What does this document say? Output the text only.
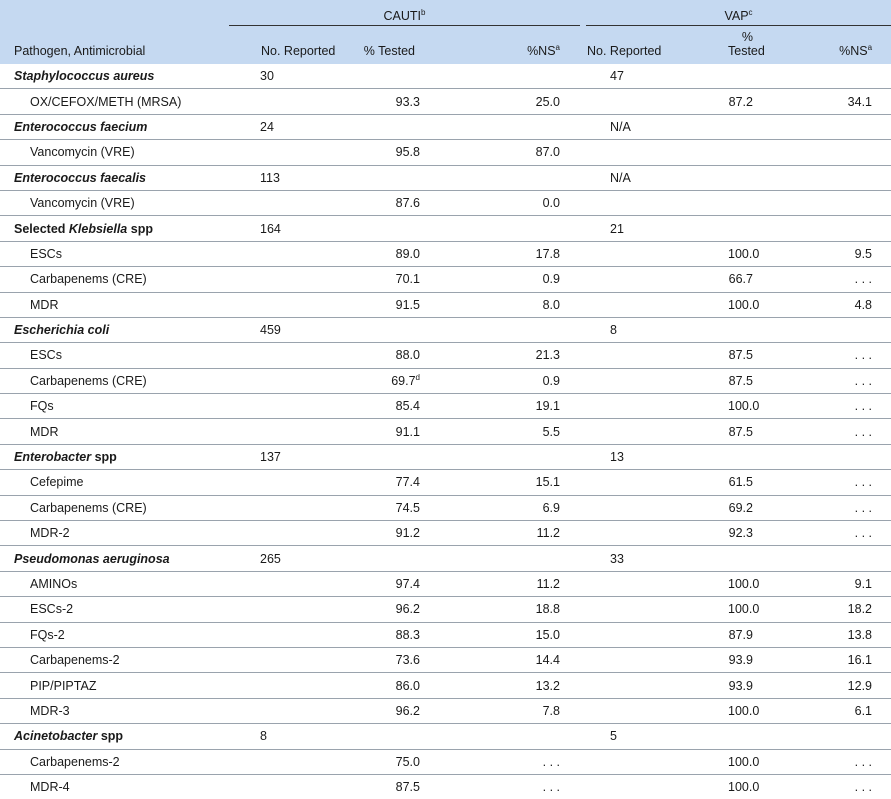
	CAUTI$^b$			VAP$^c$

Pathogen, Antimicrobial	No. Reported	% Tested	$\%NS^a$	No. Reported	% Tested	$\%NS^a$
Staphylococcus aureus	30			47		
OX/CEFOX/METH (MRSA)		93.3	25.0		87.2	34.1
Enterococcus faecium	24			N/A		
Vancomycin (VRE)		95.8	87.0			
Enterococcus faecalis	113			N/A		
Vancomycin (VRE)		87.6	0.0			
Selected Klebsiella spp	164			21		
ESCs		89.0	17.8		100.0	9.5
Carbapenems (CRE)		70.1	0.9		66.7	. . .
MDR		91.5	8.0		100.0	4.8
Escherichia coli	459			8		
ESCs		88.0	21.3		87.5	. . .
Carbapenems (CRE)		69.7$^d$	0.9		87.5	. . .
FQs		85.4	19.1		100.0	. . .
MDR		91.1	5.5		87.5	. . .
Enterobacter spp	137			13		
Cefepime		77.4	15.1		61.5	. . .
Carbapenems (CRE)		74.5	6.9		69.2	. . .
MDR-2		91.2	11.2		92.3	. . .
Pseudomonas aeruginosa	265			33		
AMINOs		97.4	11.2		100.0	9.1
ESCs-2		96.2	18.8		100.0	18.2
FQs-2		88.3	15.0		87.9	13.8
Carbapenems-2		73.6	14.4		93.9	16.1
PIP/PIPTAZ		86.0	13.2		93.9	12.9
MDR-3		96.2	7.8		100.0	6.1
Acinetobacter spp	8			5		
Carbapenems-2		75.0	. . .		100.0	. . .
MDR-4		87.5	. . .		100.0	. . .
